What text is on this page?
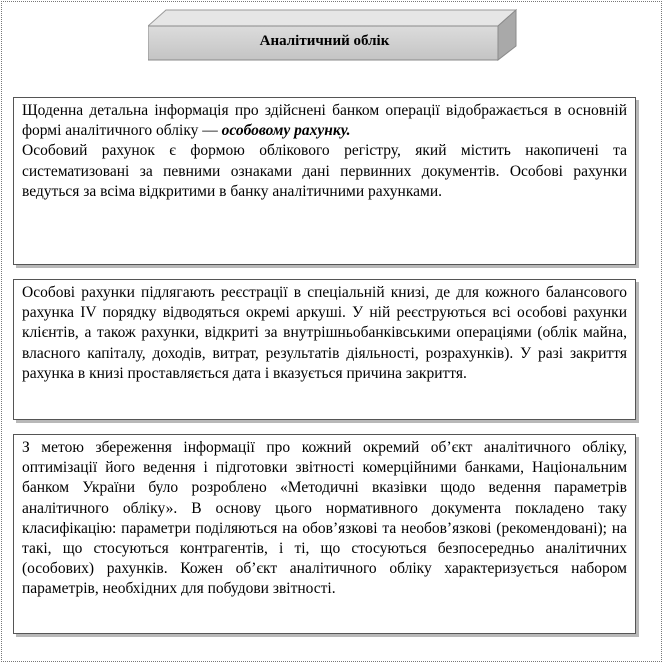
Аналітичний облік

Щоденна детальна інформація про здійснені банком операції відображається в основній формі аналітичного обліку — особовому рахунку.

Особовий рахунок є формою облікового регістру, який містить накопичені та систематизовані за певними ознаками дані первинних документів. Особові рахунки ведуться за всіма відкритими в банку аналітичними рахунками.

Особові рахунки підлягають реєстрації в спеціальній книзі, де для кожного балансового рахунка IV порядку відводяться окремі аркуші. У ній реєструються всі особові рахунки клієнтів, а також рахунки, відкриті за внутрішньобанківськими операціями (облік майна, власного капіталу, доходів, витрат, результатів діяльності, розрахунків). У разі закриття рахунка в книзі проставляється дата і вказується причина закриття.

З метою збереження інформації про кожний окремий об’єкт аналітичного обліку, оптимізації його ведення і підготовки звітності комерційними банками, Національним банком України було розроблено «Методичні вказівки щодо ведення параметрів аналітичного обліку». В основу цього нормативного документа покладено таку класифікацію: параметри поділяються на обов’язкові та необов’язкові (рекомендовані); на такі, що стосуються контрагентів, і ті, що стосуються безпосередньо аналітичних (особових) рахунків. Кожен об’єкт аналітичного обліку характеризується набором параметрів, необхідних для побудови звітності.
